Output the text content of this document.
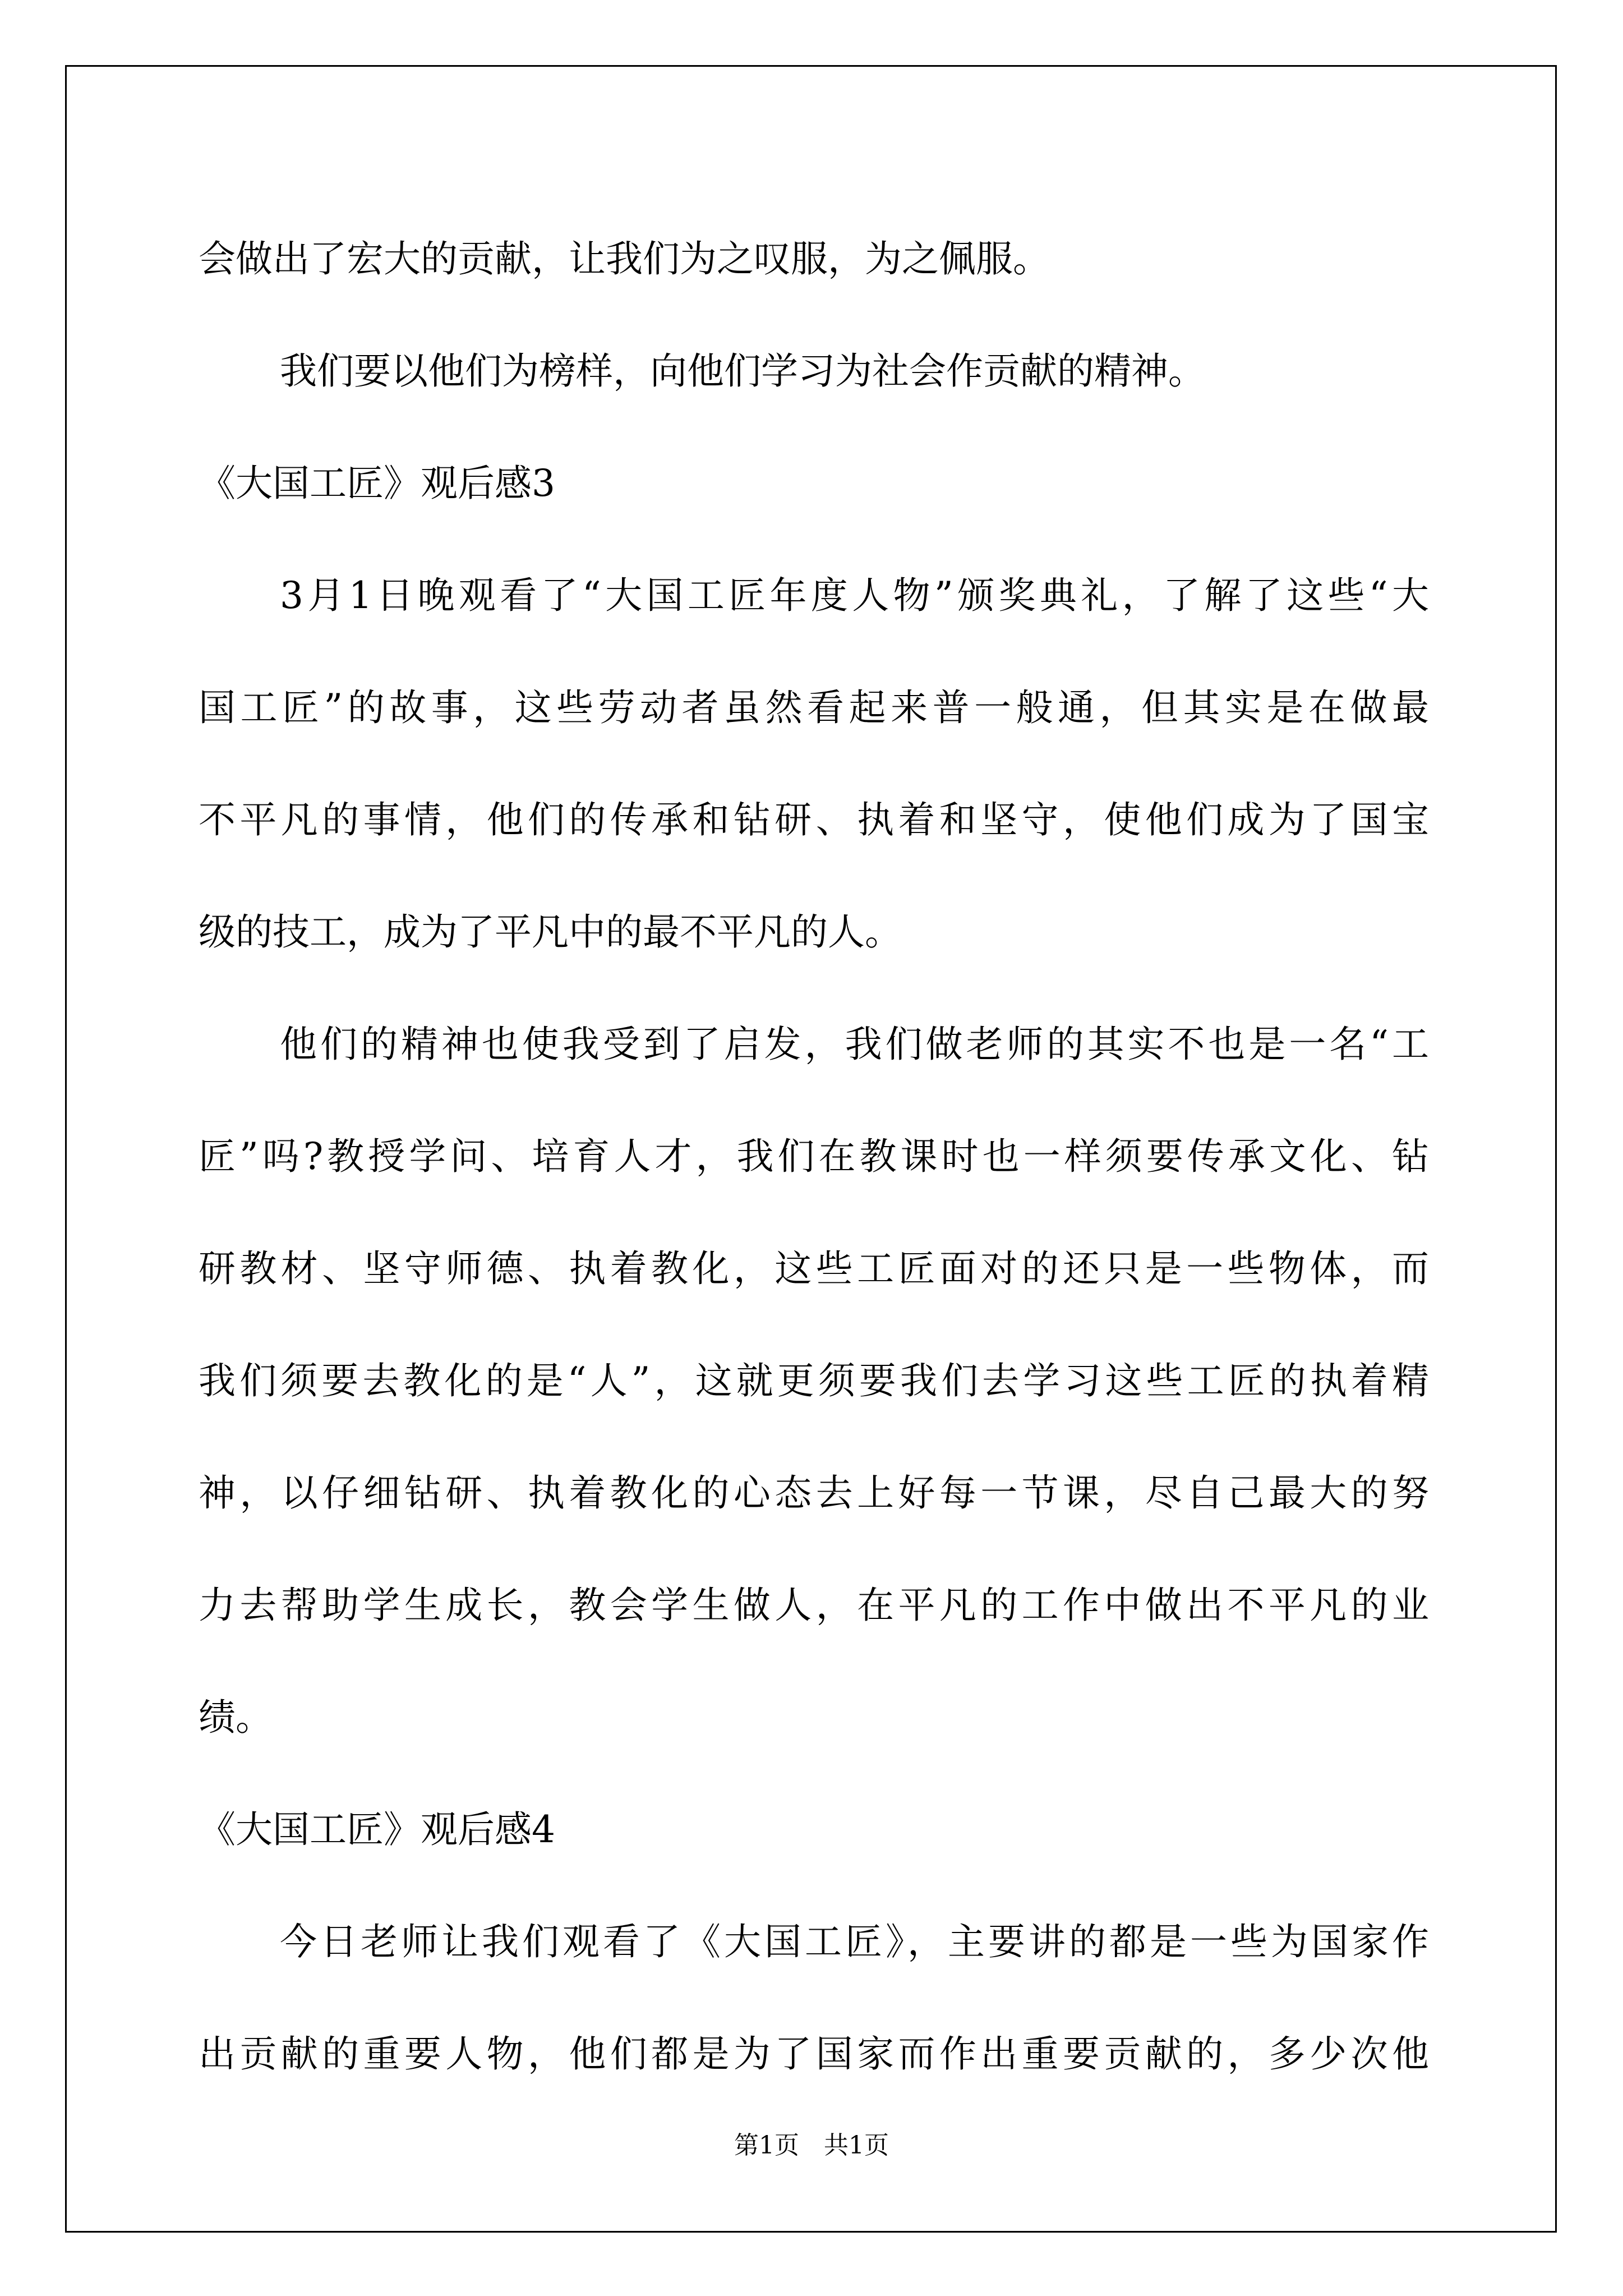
会做出了宏大的贡献，让我们为之叹服，为之佩服。
我们要以他们为榜样，向他们学习为社会作贡献的精神。
《大国工匠》观后感3
3月1日晚观看了“大国工匠年度人物”颁奖典礼，了解了这些“大
国工匠”的故事，这些劳动者虽然看起来普一般通，但其实是在做最
不平凡的事情，他们的传承和钻研、执着和坚守，使他们成为了国宝
级的技工，成为了平凡中的最不平凡的人。
他们的精神也使我受到了启发，我们做老师的其实不也是一名“工
匠”吗?教授学问、培育人才，我们在教课时也一样须要传承文化、钻
研教材、坚守师德、执着教化，这些工匠面对的还只是一些物体，而
我们须要去教化的是“人”，这就更须要我们去学习这些工匠的执着精
神，以仔细钻研、执着教化的心态去上好每一节课，尽自己最大的努
力去帮助学生成长，教会学生做人，在平凡的工作中做出不平凡的业
绩。
《大国工匠》观后感4
今日老师让我们观看了《大国工匠》，主要讲的都是一些为国家作
出贡献的重要人物，他们都是为了国家而作出重要贡献的，多少次他
第1页 共1页
